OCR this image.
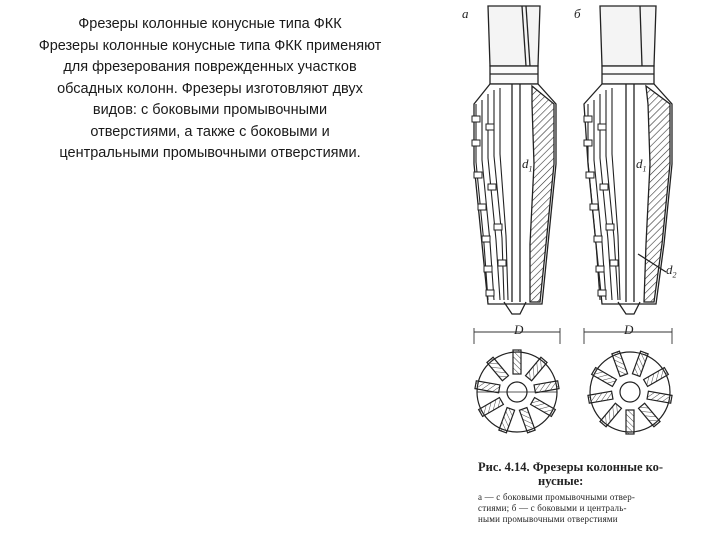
Фрезеры колонные конусные типа ФКК
Фрезеры колонные конусные типа ФКК применяют
для фрезерования поврежденных участков
обсадных колонн. Фрезеры изготовляют двух
видов: с боковыми промывочными
отверстиями, а также с боковыми и
центральными промывочными отверстиями.
а	б
$d_1$	$d_1$
$d_2$
D	D
Рис. 4.14. Фрезеры колонные ко-
нусные:
а — с боковыми промывочными отвер-
стиями; б — с боковыми и централь-
ными промывочными отверстиями
